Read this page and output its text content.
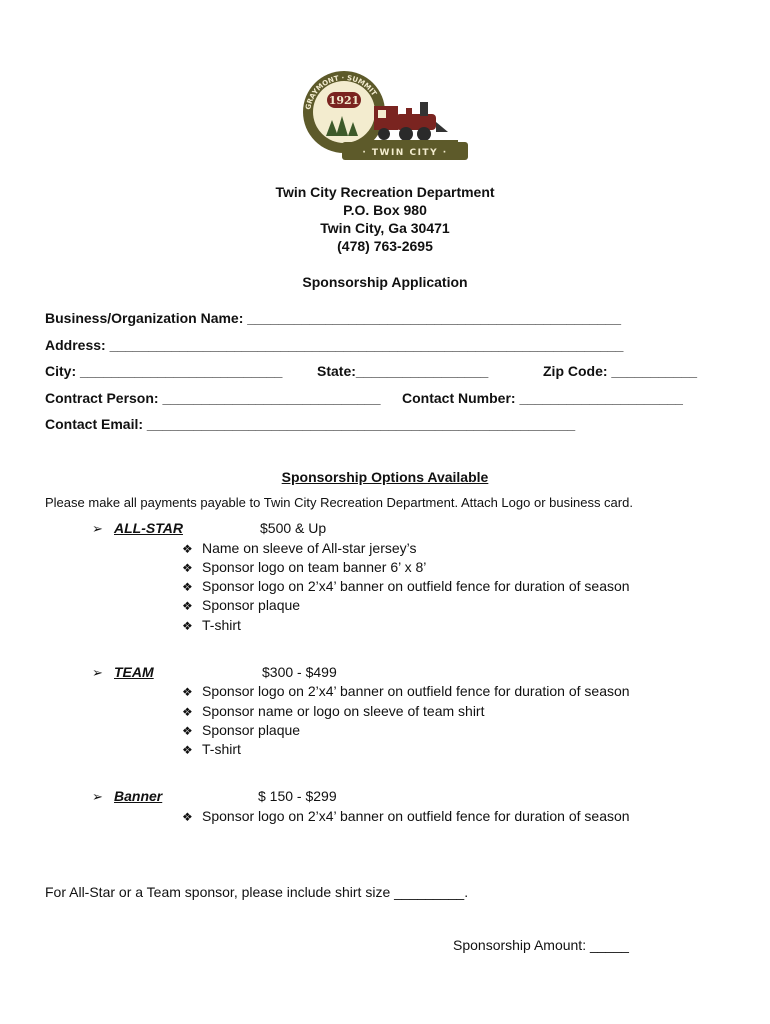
GRAYMONT · SUMMIT
1921
· TWIN CITY ·
Twin City Recreation Department
P.O. Box 980
Twin City, Ga 30471
(478) 763-2695
Sponsorship Application
Business/Organization Name: ________________________________________________
Address: __________________________________________________________________
City: __________________________ State:_________________	Zip Code: ___________
Contract Person: ____________________________ Contact Number: _____________________
Contact Email: _______________________________________________________
Sponsorship Options Available
Please make all payments payable to Twin City Recreation Department. Attach Logo or business card.
➢ ALL-STAR	$500 & Up
❖ Name on sleeve of All-star jersey’s
❖ Sponsor logo on team banner 6’ x 8’
❖ Sponsor logo on 2’x4’ banner on outfield fence for duration of season
❖ Sponsor plaque
❖ T-shirt
➢ TEAM	$300 - $499
❖ Sponsor logo on 2’x4’ banner on outfield fence for duration of season
❖ Sponsor name or logo on sleeve of team shirt
❖ Sponsor plaque
❖ T-shirt
➢ Banner	$ 150 - $299
❖ Sponsor logo on 2’x4’ banner on outfield fence for duration of season
For All-Star or a Team sponsor, please include shirt size _________.
Sponsorship Amount: _____
